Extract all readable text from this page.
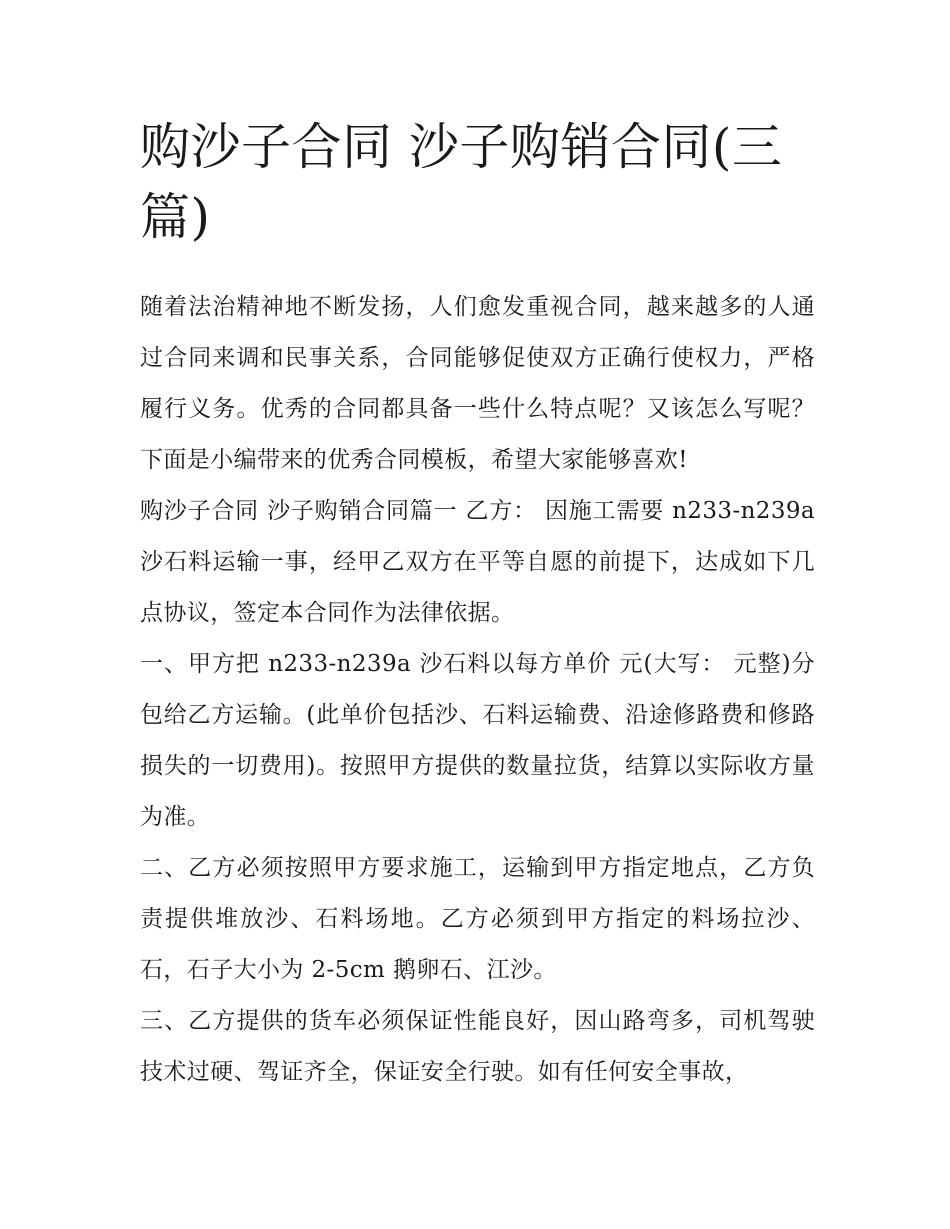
购沙子合同 沙子购销合同(三篇)

随着法治精神地不断发扬，人们愈发重视合同，越来越多的人通过合同来调和民事关系，合同能够促使双方正确行使权力，严格履行义务。优秀的合同都具备一些什么特点呢？又该怎么写呢？下面是小编带来的优秀合同模板，希望大家能够喜欢!

购沙子合同 沙子购销合同篇一 乙方： 因施工需要 n233-n239a 沙石料运输一事，经甲乙双方在平等自愿的前提下，达成如下几点协议，签定本合同作为法律依据。

一、甲方把 n233-n239a 沙石料以每方单价 元(大写： 元整)分包给乙方运输。(此单价包括沙、石料运输费、沿途修路费和修路损失的一切费用)。按照甲方提供的数量拉货，结算以实际收方量为准。

二、乙方必须按照甲方要求施工，运输到甲方指定地点，乙方负责提供堆放沙、石料场地。乙方必须到甲方指定的料场拉沙、石，石子大小为 2-5cm 鹅卵石、江沙。

三、乙方提供的货车必须保证性能良好，因山路弯多，司机驾驶技术过硬、驾证齐全，保证安全行驶。如有任何安全事故，
